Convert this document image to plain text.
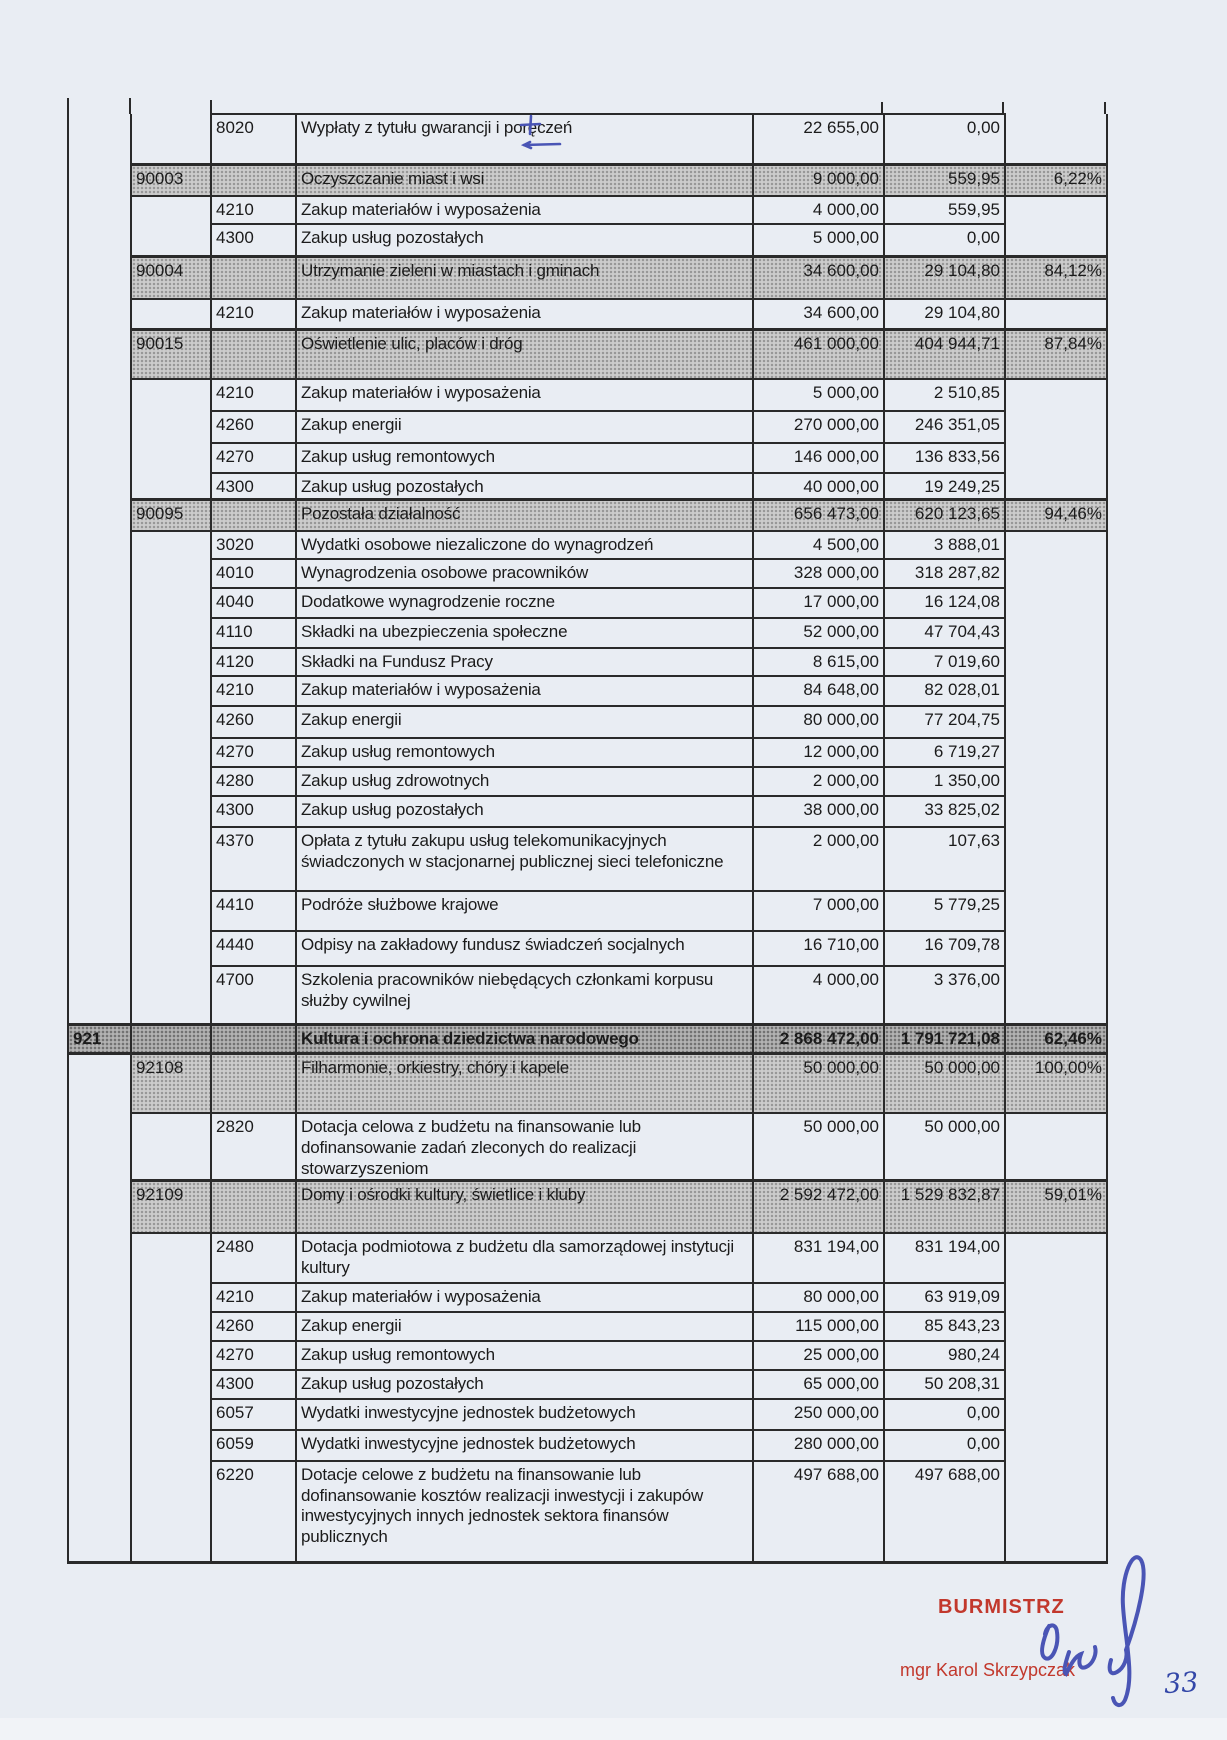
		8020	Wypłaty z tytułu gwarancji i poręczeń	22 655,00	0,00	
	90003		Oczyszczanie miast i wsi	9 000,00	559,95	6,22%
		4210	Zakup materiałów i wyposażenia	4 000,00	559,95	
		4300	Zakup usług pozostałych	5 000,00	0,00	
	90004		Utrzymanie zieleni w miastach i gminach	34 600,00	29 104,80	84,12%
		4210	Zakup materiałów i wyposażenia	34 600,00	29 104,80	
	90015		Oświetlenie ulic, placów i dróg	461 000,00	404 944,71	87,84%
		4210	Zakup materiałów i wyposażenia	5 000,00	2 510,85	
		4260	Zakup energii	270 000,00	246 351,05	
		4270	Zakup usług remontowych	146 000,00	136 833,56	
		4300	Zakup usług pozostałych	40 000,00	19 249,25	
	90095		Pozostała działalność	656 473,00	620 123,65	94,46%
		3020	Wydatki osobowe niezaliczone do wynagrodzeń	4 500,00	3 888,01	
		4010	Wynagrodzenia osobowe pracowników	328 000,00	318 287,82	
		4040	Dodatkowe wynagrodzenie roczne	17 000,00	16 124,08	
		4110	Składki na ubezpieczenia społeczne	52 000,00	47 704,43	
		4120	Składki na Fundusz Pracy	8 615,00	7 019,60	
		4210	Zakup materiałów i wyposażenia	84 648,00	82 028,01	
		4260	Zakup energii	80 000,00	77 204,75	
		4270	Zakup usług remontowych	12 000,00	6 719,27	
		4280	Zakup usług zdrowotnych	2 000,00	1 350,00	
		4300	Zakup usług pozostałych	38 000,00	33 825,02	
		4370	Opłata z tytułu zakupu usług telekomunikacyjnych świadczonych w stacjonarnej publicznej sieci telefoniczne	2 000,00	107,63	
		4410	Podróże służbowe krajowe	7 000,00	5 779,25	
		4440	Odpisy na zakładowy fundusz świadczeń socjalnych	16 710,00	16 709,78	
		4700	Szkolenia pracowników niebędących członkami korpusu służby cywilnej	4 000,00	3 376,00	
921			Kultura i ochrona dziedzictwa narodowego	2 868 472,00	1 791 721,08	62,46%
	92108		Filharmonie, orkiestry, chóry i kapele	50 000,00	50 000,00	100,00%
		2820	Dotacja celowa z budżetu na finansowanie lub dofinansowanie zadań zleconych do realizacji stowarzyszeniom	50 000,00	50 000,00	
	92109		Domy i ośrodki kultury, świetlice i kluby	2 592 472,00	1 529 832,87	59,01%
		2480	Dotacja podmiotowa z budżetu dla samorządowej instytucji kultury	831 194,00	831 194,00	
		4210	Zakup materiałów i wyposażenia	80 000,00	63 919,09	
		4260	Zakup energii	115 000,00	85 843,23	
		4270	Zakup usług remontowych	25 000,00	980,24	
		4300	Zakup usług pozostałych	65 000,00	50 208,31	
		6057	Wydatki inwestycyjne jednostek budżetowych	250 000,00	0,00	
		6059	Wydatki inwestycyjne jednostek budżetowych	280 000,00	0,00	
		6220	Dotacje celowe z budżetu na finansowanie lub dofinansowanie kosztów realizacji inwestycji i zakupów inwestycyjnych innych jednostek sektora finansów publicznych	497 688,00	497 688,00	
BURMISTRZ
mgr Karol Skrzypczak	33
